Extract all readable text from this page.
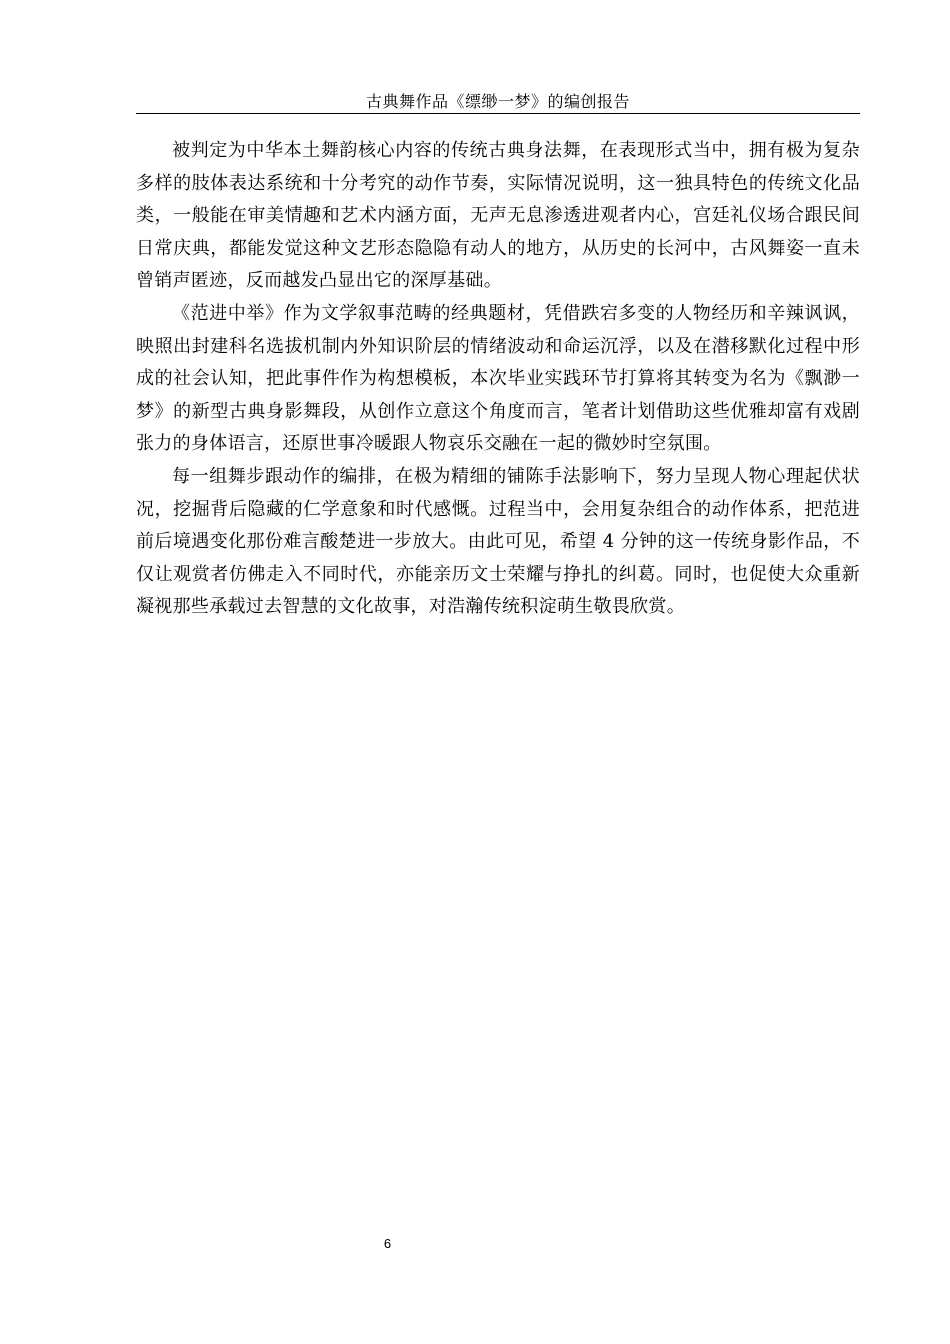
古典舞作品《缥缈一梦》的编创报告

被判定为中华本土舞韵核心内容的传统古典身法舞，在表现形式当中，拥有极为复杂多样的肢体表达系统和十分考究的动作节奏，实际情况说明，这一独具特色的传统文化品类，一般能在审美情趣和艺术内涵方面，无声无息渗透进观者内心，宫廷礼仪场合跟民间日常庆典，都能发觉这种文艺形态隐隐有动人的地方，从历史的长河中，古风舞姿一直未曾销声匿迹，反而越发凸显出它的深厚基础。

《范进中举》作为文学叙事范畴的经典题材，凭借跌宕多变的人物经历和辛辣讽讽，映照出封建科名选拔机制内外知识阶层的情绪波动和命运沉浮，以及在潜移默化过程中形成的社会认知，把此事件作为构想模板，本次毕业实践环节打算将其转变为名为《飘渺一梦》的新型古典身影舞段，从创作立意这个角度而言，笔者计划借助这些优雅却富有戏剧张力的身体语言，还原世事冷暖跟人物哀乐交融在一起的微妙时空氛围。

每一组舞步跟动作的编排，在极为精细的铺陈手法影响下，努力呈现人物心理起伏状况，挖掘背后隐藏的仁学意象和时代感慨。过程当中，会用复杂组合的动作体系，把范进前后境遇变化那份难言酸楚进一步放大。由此可见，希望 4 分钟的这一传统身影作品，不仅让观赏者仿佛走入不同时代，亦能亲历文士荣耀与挣扎的纠葛。同时，也促使大众重新凝视那些承载过去智慧的文化故事，对浩瀚传统积淀萌生敬畏欣赏。

6
